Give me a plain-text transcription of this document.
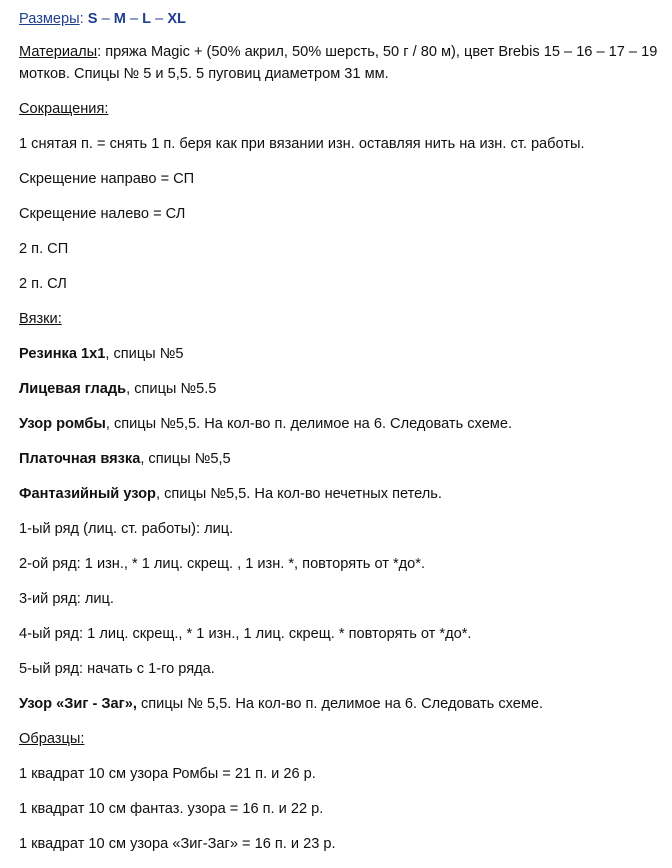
Размеры: S – M – L – XL
Материалы: пряжа Magic + (50% акрил, 50% шерсть, 50 г / 80 м), цвет Brebis 15 – 16 – 17 – 19 мотков. Спицы № 5 и 5,5. 5 пуговиц диаметром 31 мм.
Сокращения:
1 снятая п. = снять 1 п. беря как при вязании изн. оставляя нить на изн. ст. работы.
Скрещение направо = СП
Скрещение налево = СЛ
2 п. СП
2 п. СЛ
Вязки:
Резинка 1х1, спицы №5
Лицевая гладь, спицы №5.5
Узор ромбы, спицы №5,5. На кол-во п. делимое на 6. Следовать схеме.
Платочная вязка, спицы №5,5
Фантазийный узор, спицы №5,5. На кол-во нечетных петель.
1-ый ряд (лиц. ст. работы): лиц.
2-ой ряд: 1 изн., * 1 лиц. скрещ. , 1 изн. *, повторять от *до*.
3-ий ряд: лиц.
4-ый ряд: 1 лиц. скрещ., * 1 изн., 1 лиц. скрещ. * повторять от *до*.
5-ый ряд: начать с 1-го ряда.
Узор «Зиг - Заг», спицы № 5,5. На кол-во п. делимое на 6. Следовать схеме.
Образцы:
1 квадрат 10 см узора Ромбы = 21 п. и 26 р.
1 квадрат 10 см фантаз. узора = 16 п. и 22 р.
1 квадрат 10 см узора «Зиг-Заг» = 16 п. и 23 р.
